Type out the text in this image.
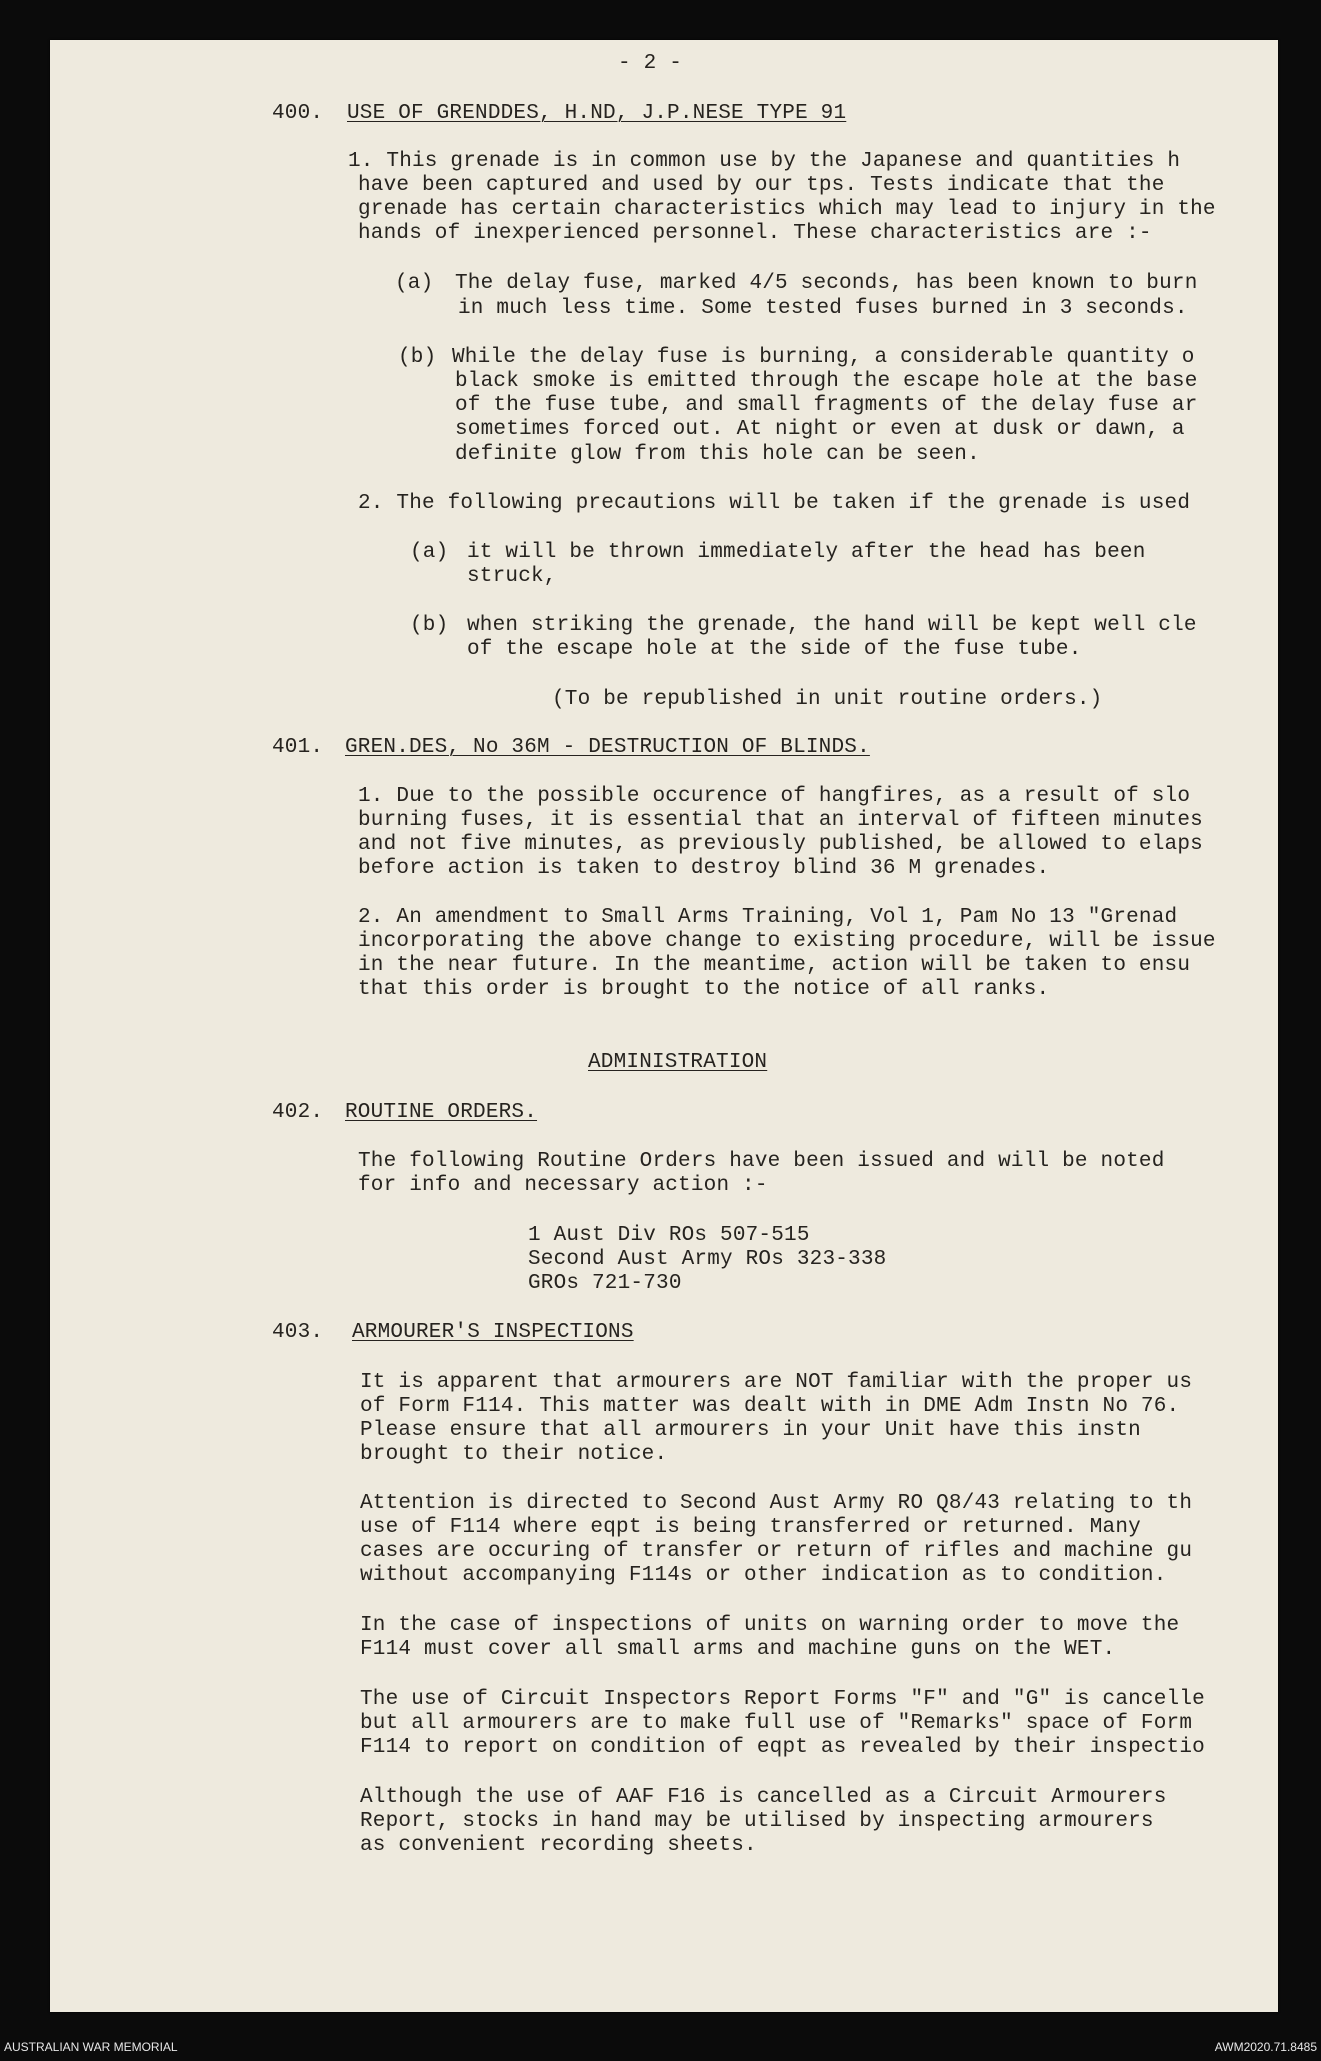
- 2 -
400. USE OF GRENDDES, H.ND, J.P.NESE TYPE 91
1. This grenade is in common use by the Japanese and quantities h
have been captured and used by our tps. Tests indicate that the
grenade has certain characteristics which may lead to injury in the
hands of inexperienced personnel. These characteristics are :-
(a) The delay fuse, marked 4/5 seconds, has been known to burn
in much less time. Some tested fuses burned in 3 seconds.
(b) While the delay fuse is burning, a considerable quantity o
black smoke is emitted through the escape hole at the base
of the fuse tube, and small fragments of the delay fuse ar
sometimes forced out. At night or even at dusk or dawn, a
definite glow from this hole can be seen.
2. The following precautions will be taken if the grenade is used
(a) it will be thrown immediately after the head has been
struck,
(b) when striking the grenade, the hand will be kept well cle
of the escape hole at the side of the fuse tube.
(To be republished in unit routine orders.)
401. GREN.DES, No 36M - DESTRUCTION OF BLINDS.
1. Due to the possible occurence of hangfires, as a result of slo
burning fuses, it is essential that an interval of fifteen minutes
and not five minutes, as previously published, be allowed to elaps
before action is taken to destroy blind 36 M grenades.
2. An amendment to Small Arms Training, Vol 1, Pam No 13 "Grenad
incorporating the above change to existing procedure, will be issue
in the near future. In the meantime, action will be taken to ensu
that this order is brought to the notice of all ranks.
ADMINISTRATION
402. ROUTINE ORDERS.
The following Routine Orders have been issued and will be noted
for info and necessary action :-
1 Aust Div ROs 507-515
Second Aust Army ROs 323-338
GROs 721-730
403. ARMOURER'S INSPECTIONS
It is apparent that armourers are NOT familiar with the proper us
of Form F114. This matter was dealt with in DME Adm Instn No 76.
Please ensure that all armourers in your Unit have this instn
brought to their notice.
Attention is directed to Second Aust Army RO Q8/43 relating to th
use of F114 where eqpt is being transferred or returned. Many
cases are occuring of transfer or return of rifles and machine gu
without accompanying F114s or other indication as to condition.
In the case of inspections of units on warning order to move the
F114 must cover all small arms and machine guns on the WET.
The use of Circuit Inspectors Report Forms "F" and "G" is cancelle
but all armourers are to make full use of "Remarks" space of Form
F114 to report on condition of eqpt as revealed by their inspectio
Although the use of AAF F16 is cancelled as a Circuit Armourers
Report, stocks in hand may be utilised by inspecting armourers
as convenient recording sheets.
AUSTRALIAN WAR MEMORIAL	AWM2020.71.8485
